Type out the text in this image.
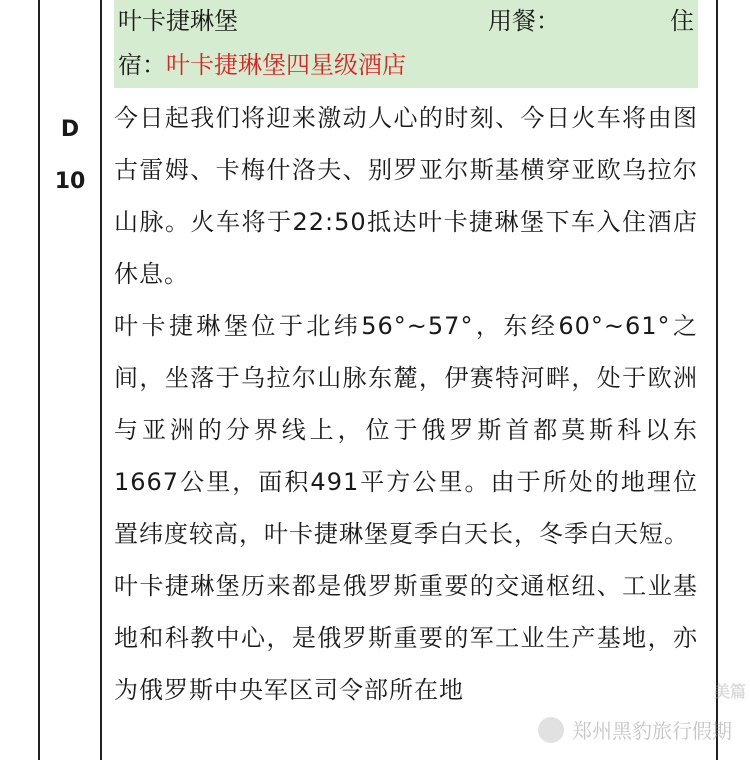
D
10
叶卡捷琳堡	用餐：	住
宿：叶卡捷琳堡四星级酒店

今日起我们将迎来激动人心的时刻、今日火车将由图古雷姆、卡梅什洛夫、别罗亚尔斯基横穿亚欧乌拉尔山脉。火车将于22:50抵达叶卡捷琳堡下车入住酒店休息。

叶卡捷琳堡位于北纬56°~57°，东经60°~61°之间，坐落于乌拉尔山脉东麓，伊赛特河畔，处于欧洲与亚洲的分界线上，位于俄罗斯首都莫斯科以东1667公里，面积491平方公里。由于所处的地理位置纬度较高，叶卡捷琳堡夏季白天长，冬季白天短。

叶卡捷琳堡历来都是俄罗斯重要的交通枢纽、工业基地和科教中心，是俄罗斯重要的军工业生产基地，亦为俄罗斯中央军区司令部所在地	美篇
郑州黑豹旅行假期
